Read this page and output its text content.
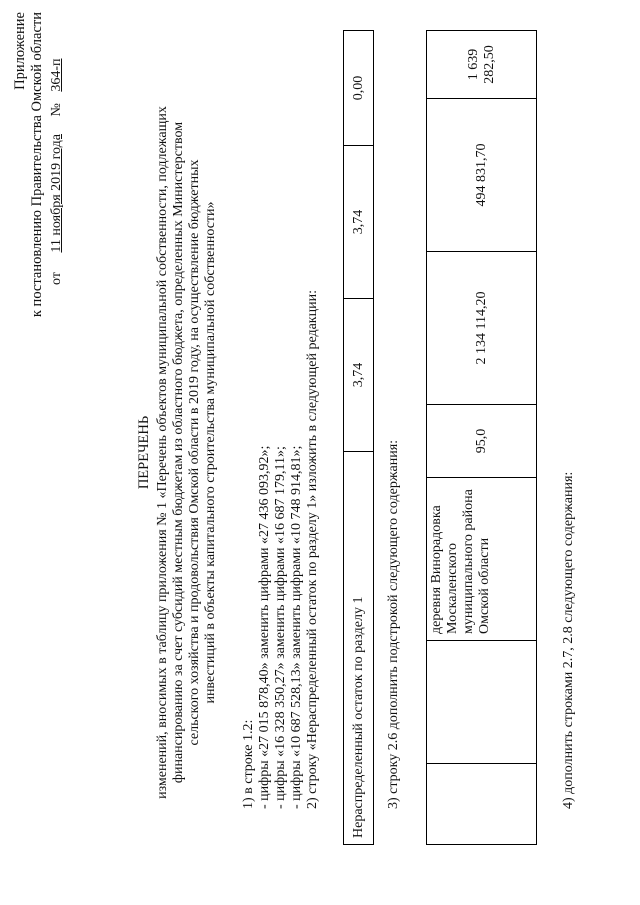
Приложение к постановлению Правительства Омской области от 11 ноября 2019 года № 364-п
ПЕРЕЧЕНЬ изменений, вносимых в таблицу приложения № 1 «Перечень объектов муниципальной собственности, подлежащих финансированию за счет субсидий местным бюджетам из областного бюджета, определенных Министерством сельского хозяйства и продовольствия Омской области в 2019 году, на осуществление бюджетных инвестиций в объекты капитального строительства муниципальной собственности»
1) в строке 1.2: - цифры «27 015 878,40» заменить цифрами «27 436 093,92»; - цифры «16 328 350,27» заменить цифрами «16 687 179,11»; - цифры «10 687 528,13» заменить цифрами «10 748 914,81»; 2) строку «Нераспределенный остаток по разделу 1» изложить в следующей редакции: Нераспределенный остаток по разделу 1	3,74	3,74	0,00
3) строку 2.6 дополнить подстрокой следующего содержания:
		деревня Винорадовка Москаленского муниципального района Омской области	95,0	2 134 114,20	494 831,70	1 639 282,50
4) дополнить строками 2.7, 2.8 следующего содержания:
